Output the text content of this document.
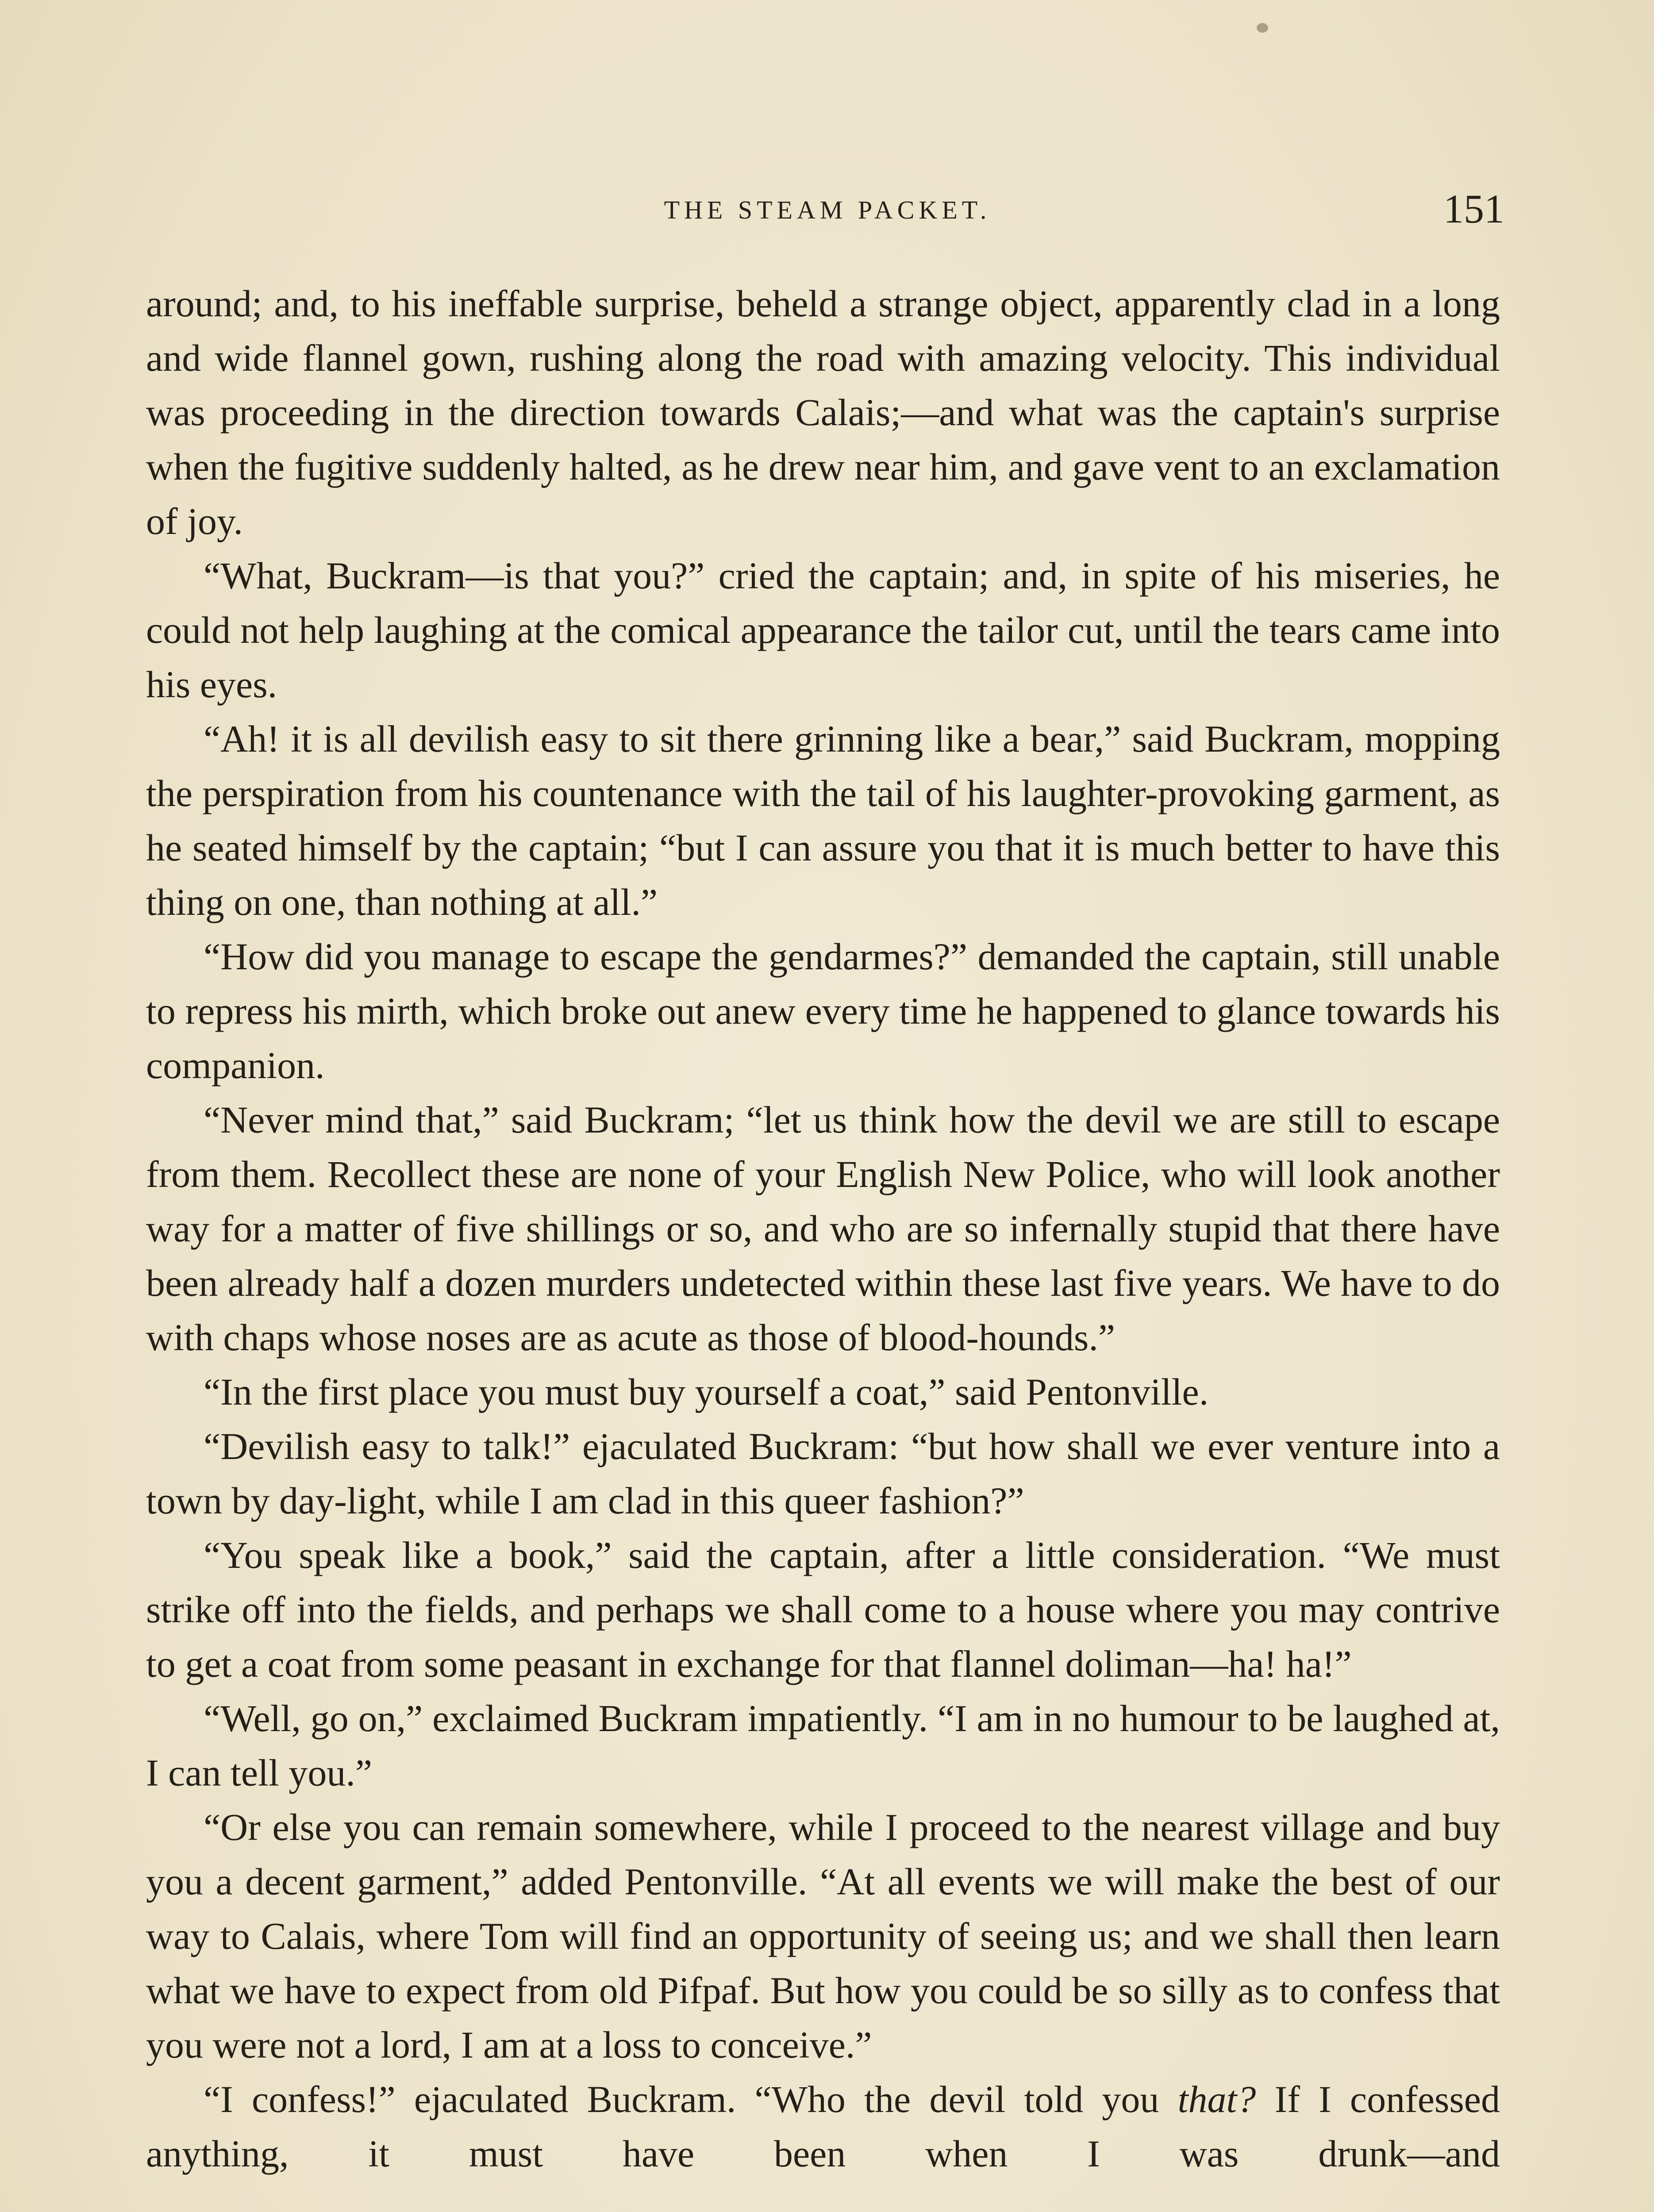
THE STEAM PACKET.	151

around; and, to his ineffable surprise, beheld a strange object, apparently clad in a long and wide flannel gown, rushing along the road with amazing velocity. This individual was proceeding in the direction towards Calais;—and what was the captain's surprise when the fugitive suddenly halted, as he drew near him, and gave vent to an exclamation of joy.

“What, Buckram—is that you?” cried the captain; and, in spite of his miseries, he could not help laughing at the comical appearance the tailor cut, until the tears came into his eyes.

“Ah! it is all devilish easy to sit there grinning like a bear,” said Buckram, mopping the perspiration from his countenance with the tail of his laughter-provoking garment, as he seated himself by the captain; “but I can assure you that it is much better to have this thing on one, than nothing at all.”

“How did you manage to escape the gendarmes?” demanded the captain, still unable to repress his mirth, which broke out anew every time he happened to glance towards his companion.

“Never mind that,” said Buckram; “let us think how the devil we are still to escape from them. Recollect these are none of your English New Police, who will look another way for a matter of five shillings or so, and who are so infernally stupid that there have been already half a dozen murders undetected within these last five years. We have to do with chaps whose noses are as acute as those of blood-hounds.”

“In the first place you must buy yourself a coat,” said Pentonville.

“Devilish easy to talk!” ejaculated Buckram: “but how shall we ever venture into a town by day-light, while I am clad in this queer fashion?”

“You speak like a book,” said the captain, after a little consideration. “We must strike off into the fields, and perhaps we shall come to a house where you may contrive to get a coat from some peasant in exchange for that flannel doliman—ha! ha!”

“Well, go on,” exclaimed Buckram impatiently. “I am in no humour to be laughed at, I can tell you.”

“Or else you can remain somewhere, while I proceed to the nearest village and buy you a decent garment,” added Pentonville. “At all events we will make the best of our way to Calais, where Tom will find an opportunity of seeing us; and we shall then learn what we have to expect from old Pifpaf. But how you could be so silly as to confess that you were not a lord, I am at a loss to conceive.”

“I confess!” ejaculated Buckram. “Who the devil told you that? If I confessed anything, it must have been when I was drunk—and
